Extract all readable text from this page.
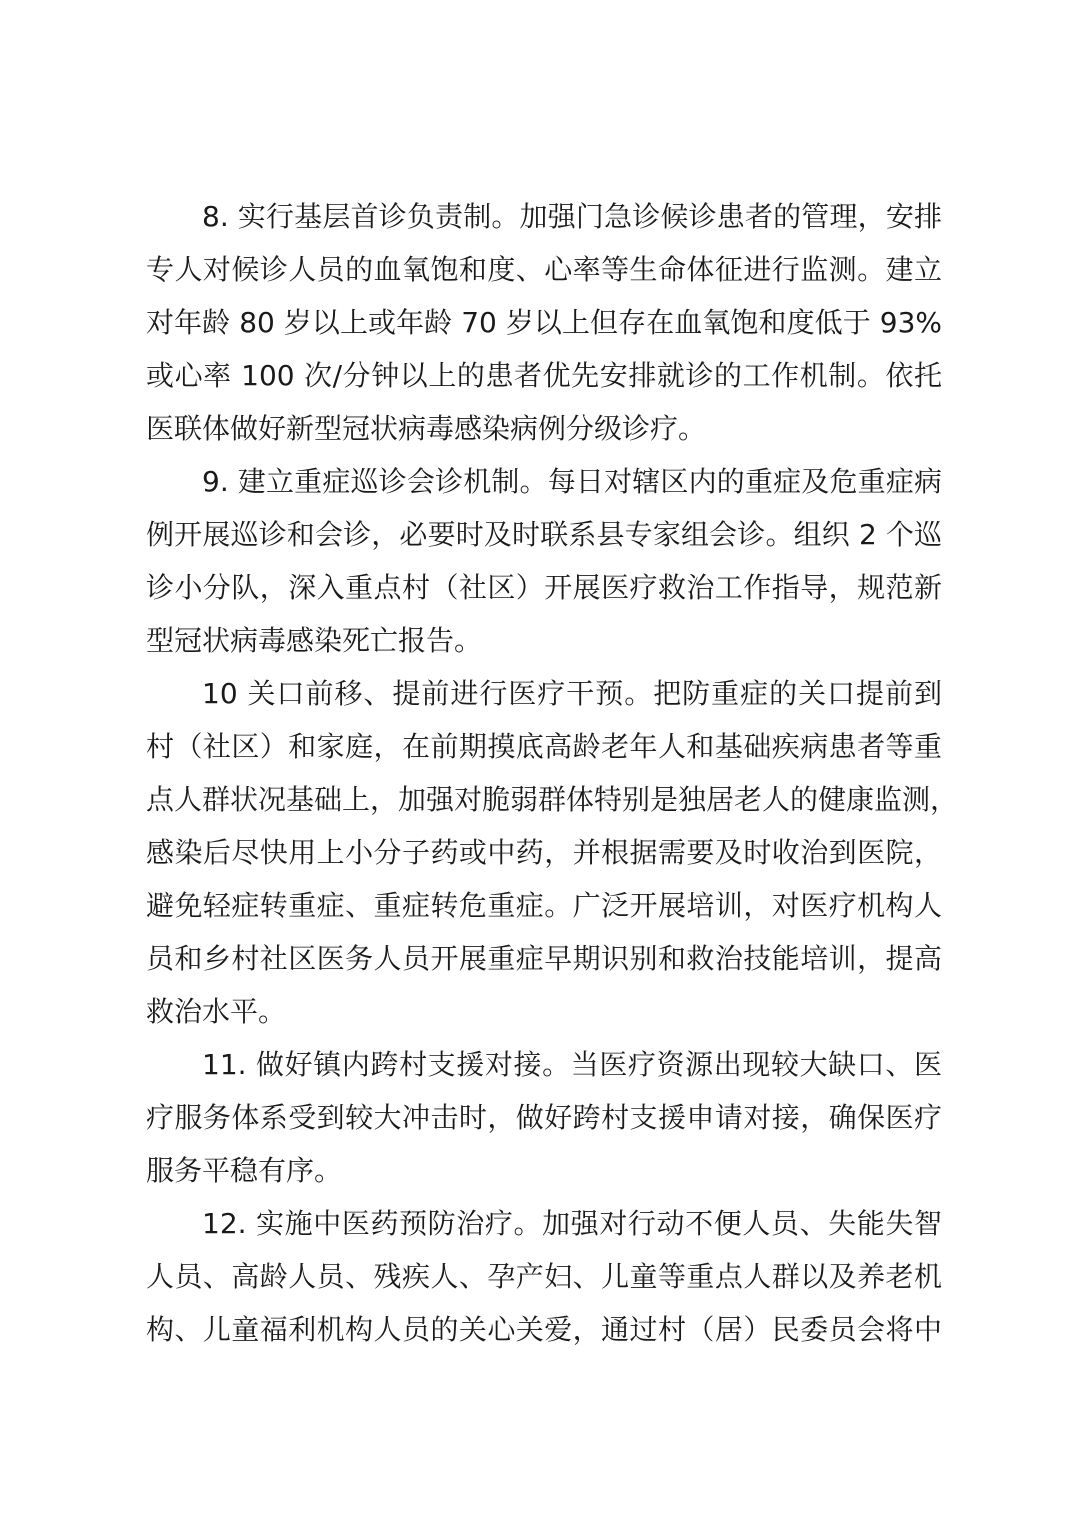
8. 实行基层首诊负责制。加强门急诊候诊患者的管理，安排
专人对候诊人员的血氧饱和度、心率等生命体征进行监测。建立
对年龄 80 岁以上或年龄 70 岁以上但存在血氧饱和度低于 93%
或心率 100 次/分钟以上的患者优先安排就诊的工作机制。依托
医联体做好新型冠状病毒感染病例分级诊疗。
9. 建立重症巡诊会诊机制。每日对辖区内的重症及危重症病
例开展巡诊和会诊，必要时及时联系县专家组会诊。组织 2 个巡
诊小分队，深入重点村（社区）开展医疗救治工作指导，规范新
型冠状病毒感染死亡报告。
10 关口前移、提前进行医疗干预。把防重症的关口提前到
村（社区）和家庭，在前期摸底高龄老年人和基础疾病患者等重
点人群状况基础上，加强对脆弱群体特别是独居老人的健康监测，
感染后尽快用上小分子药或中药，并根据需要及时收治到医院，
避免轻症转重症、重症转危重症。广泛开展培训，对医疗机构人
员和乡村社区医务人员开展重症早期识别和救治技能培训，提高
救治水平。
11. 做好镇内跨村支援对接。当医疗资源出现较大缺口、医
疗服务体系受到较大冲击时，做好跨村支援申请对接，确保医疗
服务平稳有序。
12. 实施中医药预防治疗。加强对行动不便人员、失能失智
人员、高龄人员、残疾人、孕产妇、儿童等重点人群以及养老机
构、儿童福利机构人员的关心关爱，通过村（居）民委员会将中
